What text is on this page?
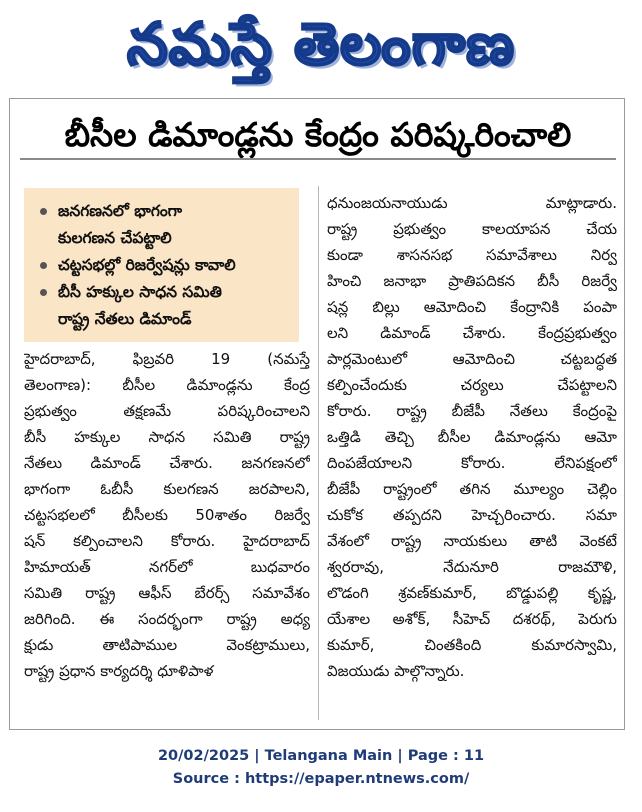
నమస్తే తెలంగాణ
బీసీల డిమాండ్లను కేంద్రం పరిష్కరించాలి
జనగణనలో భాగంగా
కులగణన చేపట్టాలి
చట్టసభల్లో రిజర్వేషన్లు కావాలి
బీసీ హక్కుల సాధన సమితి
రాష్ట్ర నేతలు డిమాండ్
హైదరాబాద్, ఫిబ్రవరి 19 (నమస్తే
తెలంగాణ): బీసీల డిమాండ్లను కేంద్ర
ప్రభుత్వం తక్షణమే పరిష్కరించాలని
బీసీ హక్కుల సాధన సమితి రాష్ట్ర
నేతలు డిమాండ్ చేశారు. జనగణనలో
భాగంగా ఓబీసీ కులగణన జరపాలని,
చట్టసభలలో బీసీలకు 50శాతం రిజర్వే
షన్ కల్పించాలని కోరారు. హైదరాబాద్
హిమాయత్ నగర్‌లో బుధవారం
సమితి రాష్ట్ర ఆఫీస్ బేరర్స్ సమావేశం
జరిగింది. ఈ సందర్భంగా రాష్ట్ర అధ్య
క్షుడు తాటిపాముల వెంకట్రాములు,
రాష్ట్ర ప్రధాన కార్యదర్శి ధూళిపాళ
ధనుంజయనాయుడు మాట్లాడారు.
రాష్ట్ర ప్రభుత్వం కాలయాపన చేయ
కుండా శాసనసభ సమావేశాలు నిర్వ
హించి జనాభా ప్రాతిపదికన బీసీ రిజర్వే
షన్ల బిల్లు ఆమోదించి కేంద్రానికి పంపా
లని డిమాండ్ చేశారు. కేంద్రప్రభుత్వం
పార్లమెంటులో ఆమోదించి చట్టబద్ధత
కల్పించేందుకు చర్యలు చేపట్టాలని
కోరారు. రాష్ట్ర బీజేపీ నేతలు కేంద్రంపై
ఒత్తిడి తెచ్చి బీసీల డిమాండ్లను ఆమో
దింపజేయాలని కోరారు. లేనిపక్షంలో
బీజేపీ రాష్ట్రంలో తగిన మూల్యం చెల్లిం
చుకోక తప్పదని హెచ్చరించారు. సమా
వేశంలో రాష్ట్ర నాయకులు తాటి వెంకటే
శ్వరరావు, నేదునూరి రాజమౌళి,
లొడంగి శ్రవణ్‌కుమార్, బొడ్డుపల్లి కృష్ణ,
యేశాల అశోక్, సీహెచ్ దశరథ్, పెరుగు
కుమార్, చింతకింది కుమారస్వామి,
విజయుడు పాల్గొన్నారు.
20/02/2025 | Telangana Main | Page : 11
Source : https://epaper.ntnews.com/
